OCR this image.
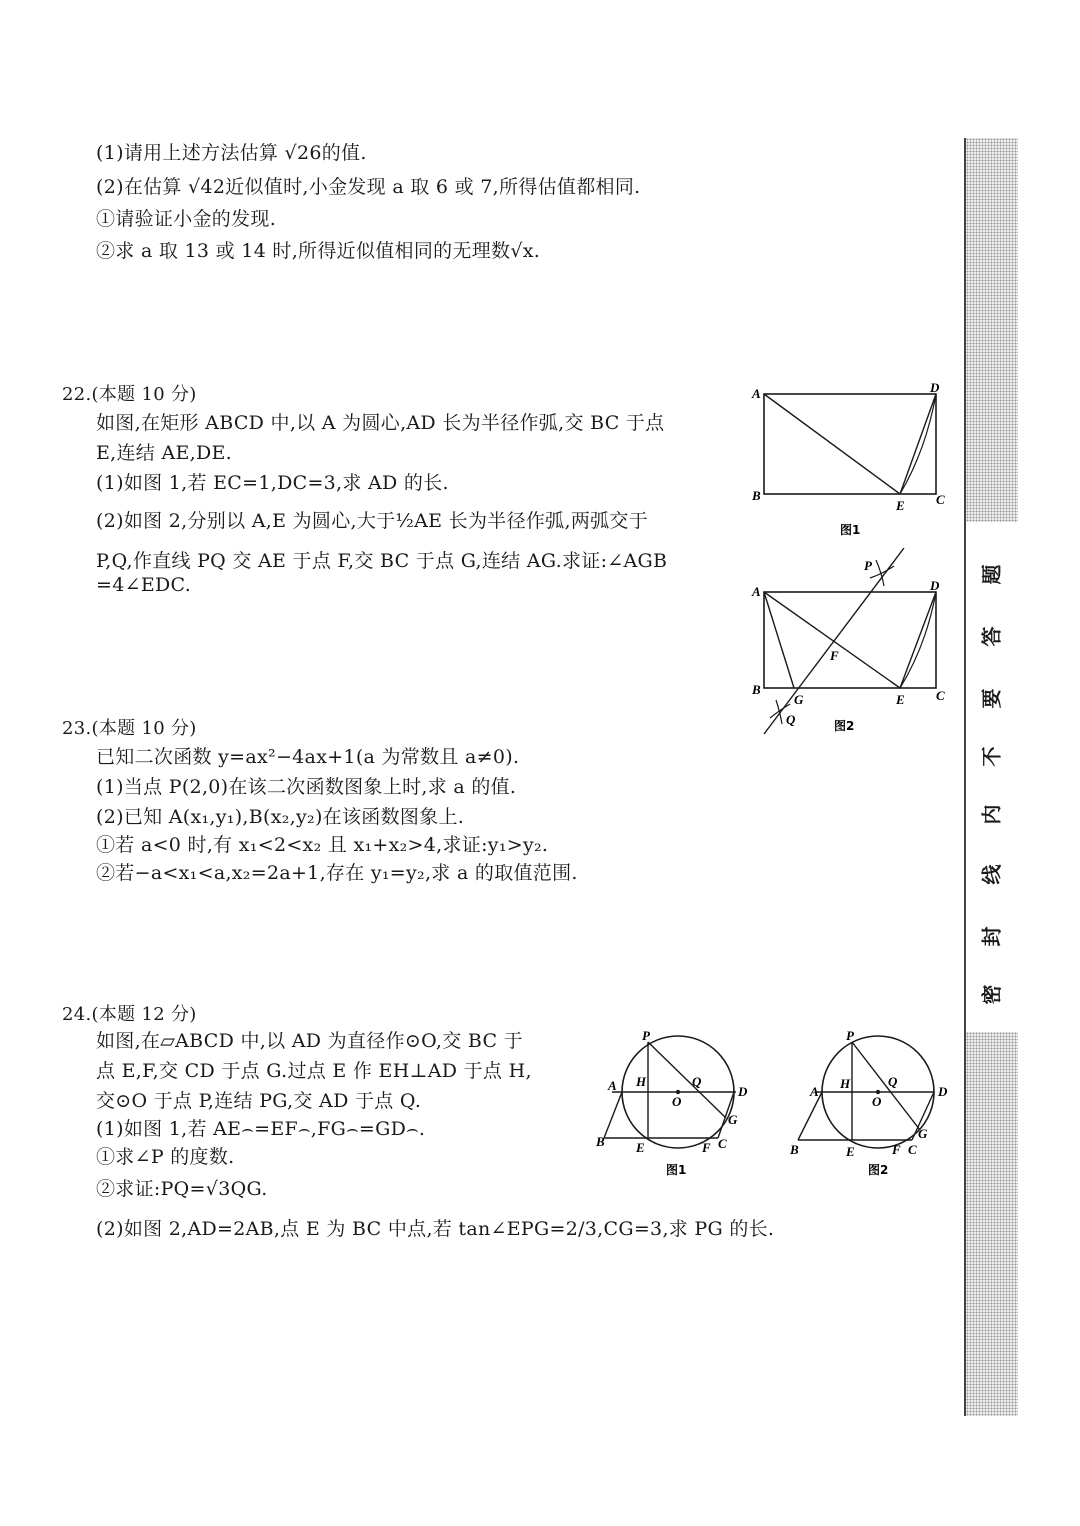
(1)请用上述方法估算 √26的值.
(2)在估算 √42近似值时,小金发现 a 取 6 或 7,所得估值都相同.
①请验证小金的发现.
②求 a 取 13 或 14 时,所得近似值相同的无理数√x.
22.(本题 10 分)
如图,在矩形 ABCD 中,以 A 为圆心,AD 长为半径作弧,交 BC 于点
E,连结 AE,DE.
(1)如图 1,若 EC=1,DC=3,求 AD 的长.
(2)如图 2,分别以 A,E 为圆心,大于½AE 长为半径作弧,两弧交于
P,Q,作直线 PQ 交 AE 于点 F,交 BC 于点 G,连结 AG.求证:∠AGB
=4∠EDC.
A	D
B
E C
图1
P
A	D
F
B
G	E C
Q	图2
23.(本题 10 分)
已知二次函数 y=ax²−4ax+1(a 为常数且 a≠0).
(1)当点 P(2,0)在该二次函数图象上时,求 a 的值.
(2)已知 A(x₁,y₁),B(x₂,y₂)在该函数图象上.
①若 a<0 时,有 x₁<2<x₂ 且 x₁+x₂>4,求证:y₁>y₂.
②若−a<x₁<a,x₂=2a+1,存在 y₁=y₂,求 a 的取值范围.
24.(本题 12 分)
如图,在▱ABCD 中,以 AD 为直径作⊙O,交 BC 于
点 E,F,交 CD 于点 G.过点 E 作 EH⊥AD 于点 H,
交⊙O 于点 P,连结 PG,交 AD 于点 Q.
(1)如图 1,若 AE⌢=EF⌢,FG⌢=GD⌢.
①求∠P 的度数.
②求证:PQ=√3QG.
(2)如图 2,AD=2AB,点 E 为 BC 中点,若 tan∠EPG=2/3,CG=3,求 PG 的长.
P
A H
O
Q
D
G
B E	F C
图1
P
A
H
O
Q
D
G
B	E	F C
图2
题
答
要
不
内
线
封
密
